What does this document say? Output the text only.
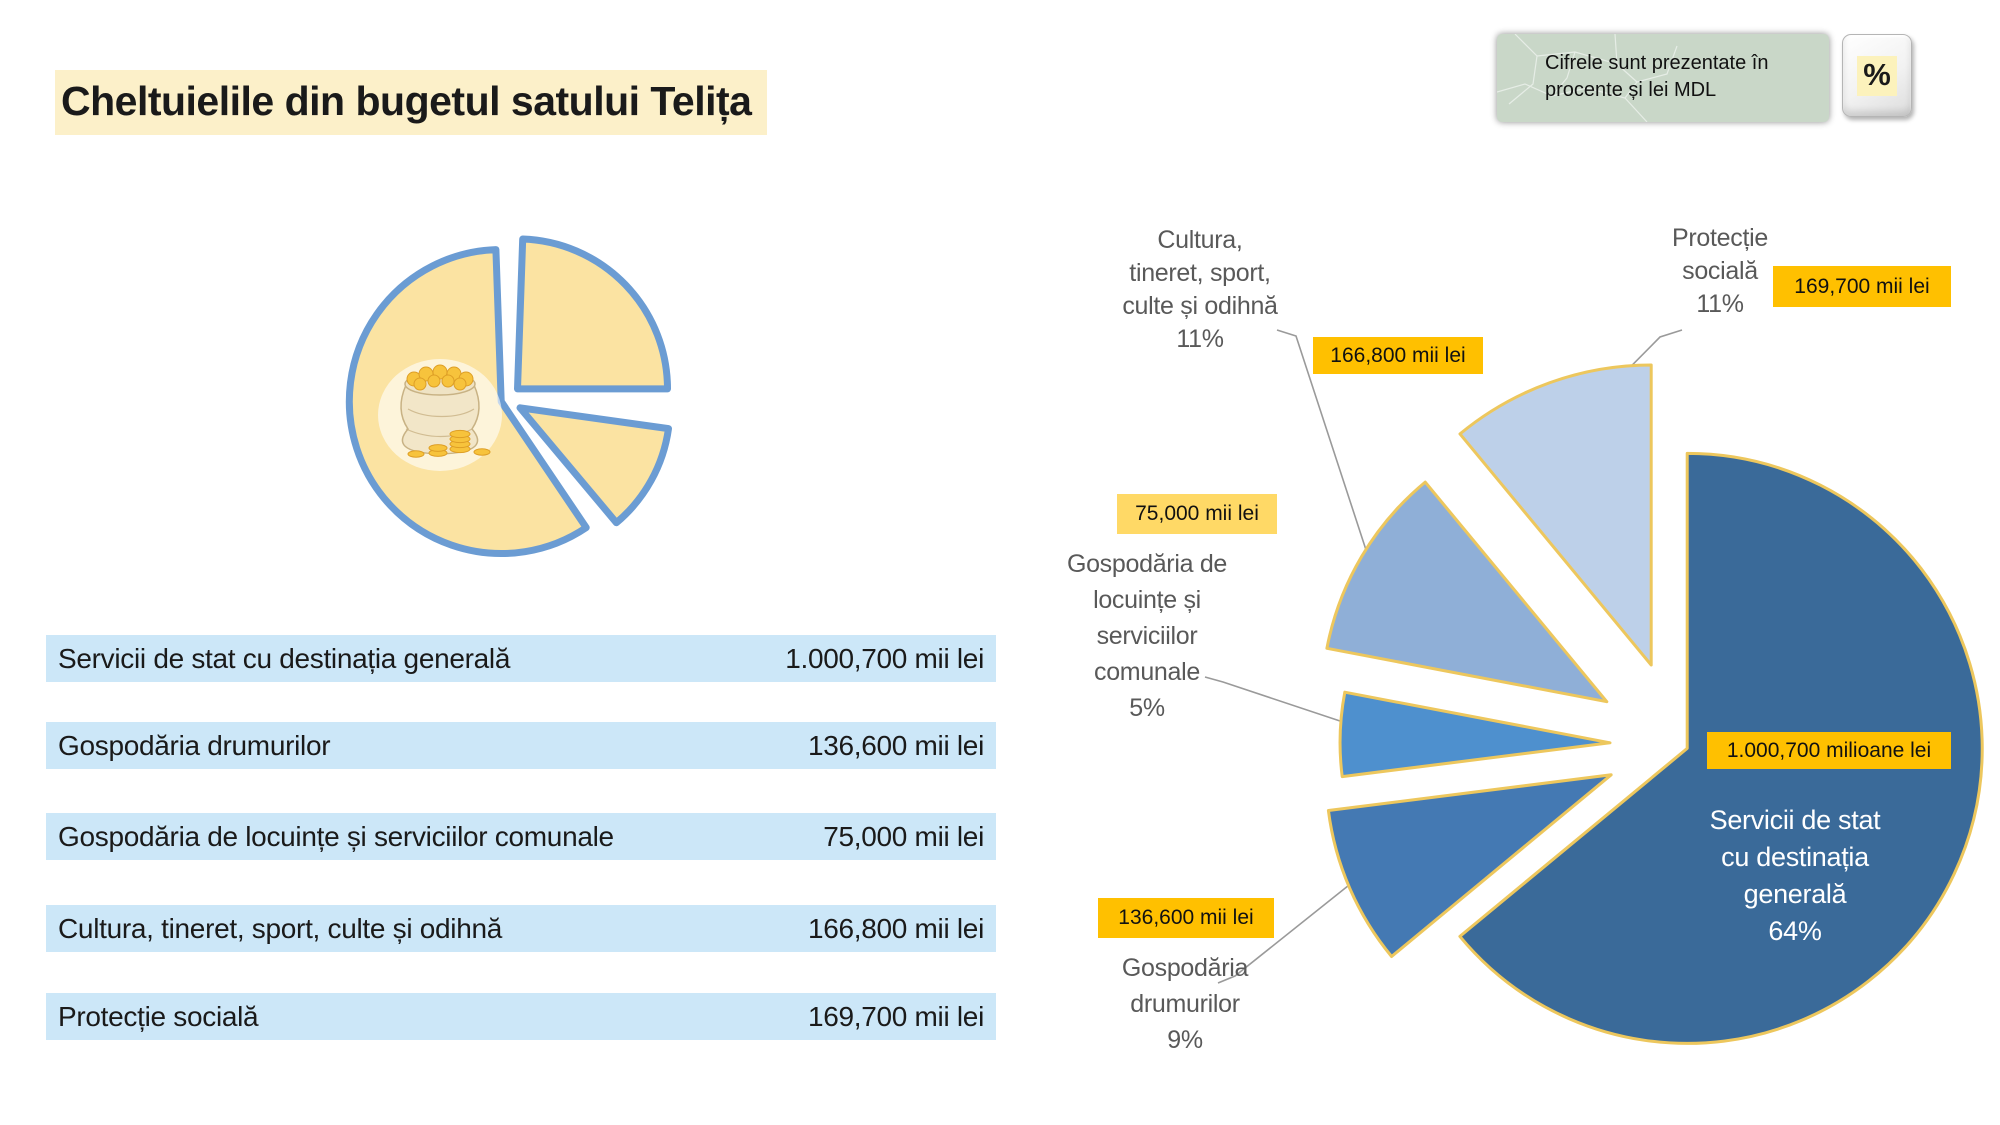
Cheltuielile din bugetul satului Telița
Cifrele sunt prezentate în procente și lei MDL	%
Servicii de stat cu destinația generală	1.000,700 mii lei
Gospodăria drumurilor	136,600 mii lei
Gospodăria de locuințe și serviciilor comunale	75,000 mii lei
Cultura, tineret, sport, culte și odihnă	166,800 mii lei
Protecție socială	169,700 mii lei
Cultura,
tineret, sport,
culte și odihnă
11%
166,800 mii lei
Protecție
socială
11%
169,700 mii lei
75,000 mii lei
Gospodăria de
locuințe și
serviciilor
comunale
5%
136,600 mii lei
Gospodăria
drumurilor
9%
1.000,700 milioane lei
Servicii de stat
cu destinația
generală
64%
